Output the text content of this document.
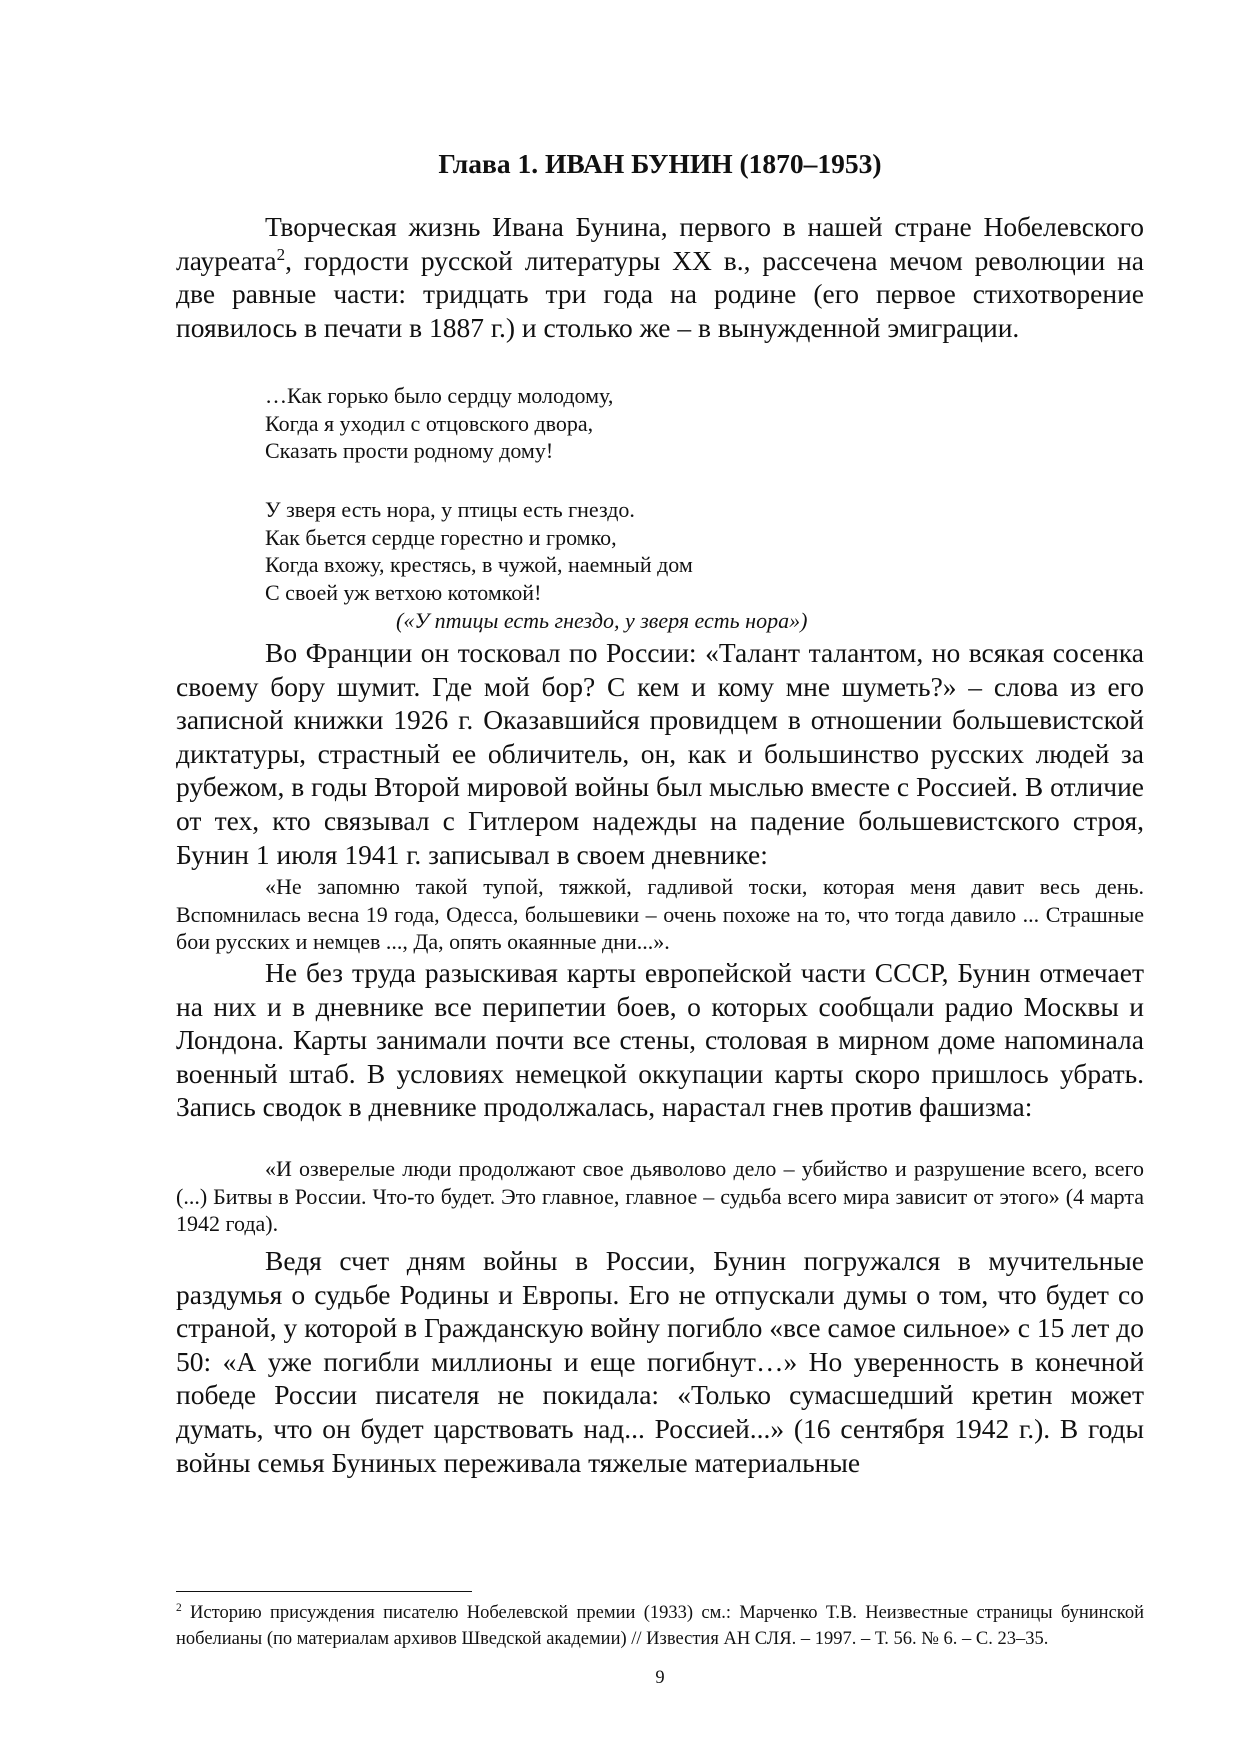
Глава 1. ИВАН БУНИН (1870–1953)

Творческая жизнь Ивана Бунина, первого в нашей стране Нобелевского лауреата$^2$, гордости русской литературы XX в., рассечена мечом революции на две равные части: тридцать три года на родине (его первое стихотворение появилось в печати в 1887 г.) и столько же – в вынужденной эмиграции.

…Как горько было сердцу молодому,
Когда я уходил с отцовского двора,
Сказать прости родному дому!
У зверя есть нора, у птицы есть гнездо.
Как бьется сердце горестно и громко,
Когда вхожу, крестясь, в чужой, наемный дом
С своей уж ветхою котомкой!

(«У птицы есть гнездо, у зверя есть нора»)

Во Франции он тосковал по России: «Талант талантом, но всякая сосенка своему бору шумит. Где мой бор? С кем и кому мне шуметь?» – слова из его записной книжки 1926 г. Оказавшийся провидцем в отношении большевистской диктатуры, страстный ее обличитель, он, как и большинство русских людей за рубежом, в годы Второй мировой войны был мыслью вместе с Россией. В отличие от тех, кто связывал с Гитлером надежды на падение большевистского строя, Бунин 1 июля 1941 г. записывал в своем дневнике:

«Не запомню такой тупой, тяжкой, гадливой тоски, которая меня давит весь день. Вспомнилась весна 19 года, Одесса, большевики – очень похоже на то, что тогда давило ... Страшные бои русских и немцев ..., Да, опять окаянные дни...».

Не без труда разыскивая карты европейской части СССР, Бунин отмечает на них и в дневнике все перипетии боев, о которых сообщали радио Москвы и Лондона. Карты занимали почти все стены, столовая в мирном доме напоминала военный штаб. В условиях немецкой оккупации карты скоро пришлось убрать. Запись сводок в дневнике продолжалась, нарастал гнев против фашизма:

«И озверелые люди продолжают свое дьяволово дело – убийство и разрушение всего, всего (...) Битвы в России. Что-то будет. Это главное, главное – судьба всего мира зависит от этого» (4 марта 1942 года).

Ведя счет дням войны в России, Бунин погружался в мучительные раздумья о судьбе Родины и Европы. Его не отпускали думы о том, что будет со страной, у которой в Гражданскую войну погибло «все самое сильное» с 15 лет до 50: «А уже погибли миллионы и еще погибнут…» Но уверенность в конечной победе России писателя не покидала: «Только сумасшедший кретин может думать, что он будет царствовать над... Россией...» (16 сентября 1942 г.). В годы войны семья Буниных переживала тяжелые материальные

$^2$ Историю присуждения писателю Нобелевской премии (1933) см.: Марченко Т.В. Неизвестные страницы бунинской нобелианы (по материалам архивов Шведской академии) // Известия АН СЛЯ. – 1997. – Т. 56. № 6. – С. 23–35.

9
